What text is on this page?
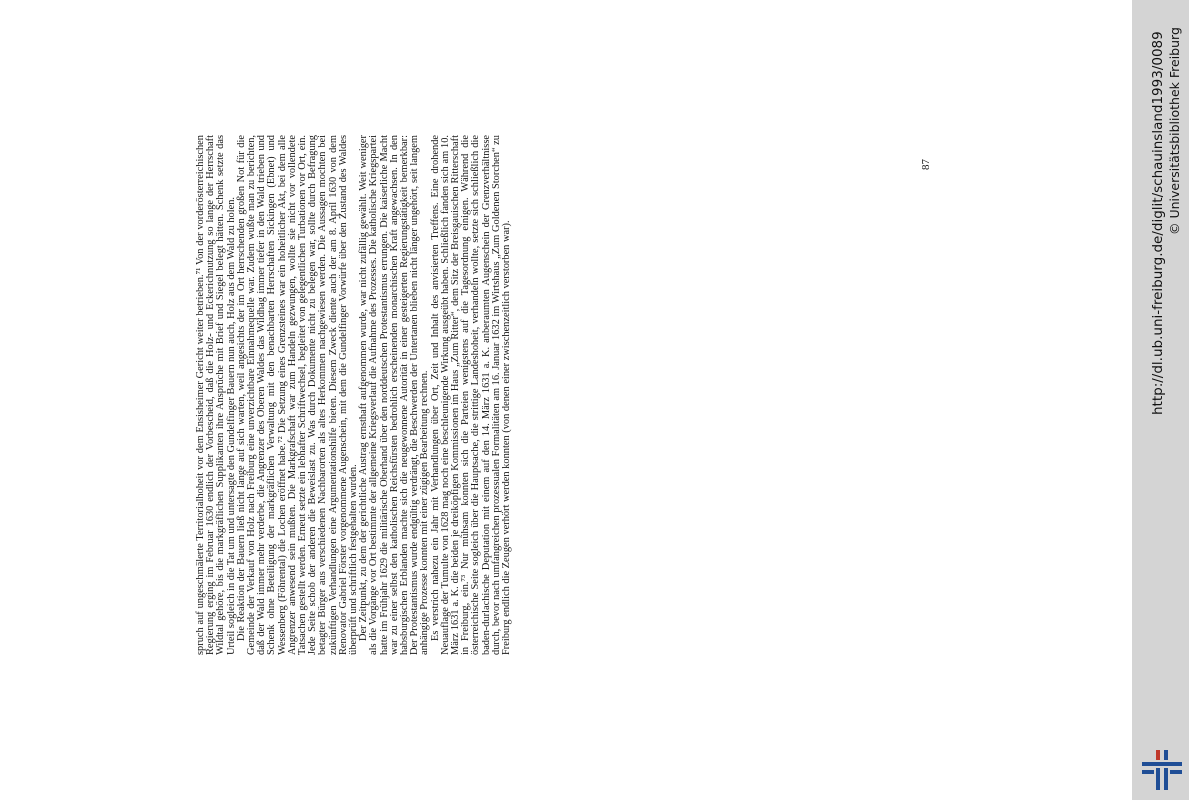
spruch auf ungeschmälerte Territorialhoheit vor dem Ensisheimer Gericht weiter betrieben.⁷¹ Von der vorderösterreichischen Regierung erging im Februar 1630 endlich der Vorbescheid, daß die Holz- und Eckerichnutzung so lange der Herrschaft Wildtal gehöre, bis die markgräflichen Supplikanten ihre Ansprüche mit Brief und Siegel belegt hätten. Schenk setzte das Urteil sogleich in die Tat um und untersagte den Gundelfinger Bauern nun auch, Holz aus dem Wald zu holen. Die Reaktion der Bauern ließ nicht lange auf sich warten, weil angesichts der im Ort herrschenden großen Not für die Gemeinde der Verkauf von Holz nach Freiburg eine unverzichtbare Einnahmequelle war. Zudem wußte man zu berichten, daß der Wald immer mehr verderbe, die Angrenzer des Oberen Waldes das Wildhag immer tiefer in den Wald trieben und Schenk ohne Beteiligung der markgräflichen Verwaltung mit den benachbarten Herrschaften Sickingen (Ebnet) und Wessenberg (Föhrental) die Lochen eröffnet habe.⁷² Die Setzung eines Grenzsteines war ein hoheitlicher Akt, bei dem alle Angrenzer anwesend sein mußten. Die Markgrafschaft war zum Handeln gezwungen, wollte sie nicht vor vollendete Tatsachen gestellt werden. Erneut setzte ein lebhafter Schriftwechsel, begleitet von gelegentlichen Turbationen vor Ort, ein. Jede Seite schob der anderen die Beweislast zu. Was durch Dokumente nicht zu belegen war, sollte durch Befragung betagter Bürger aus verschiedenen Nachbarorten als altes Herkommen nachgewiesen werden. Die Aussagen mochten bei zukünftigen Verhandlungen eine Argumentationshilfe bieten. Diesem Zweck diente auch der am 8. April 1630 von dem Renovator Gabriel Förster vorgenommene Augenschein, mit dem die Gundelfinger Vorwürfe über den Zustand des Waldes überprüft und schriftlich festgehalten wurden. Der Zeitpunkt, zu dem der gerichtliche Austrag ernsthaft aufgenommen wurde, war nicht zufällig gewählt. Weit weniger als die Vorgänge vor Ort bestimmte der allgemeine Kriegsverlauf die Aufnahme des Prozesses. Die katholische Kriegspartei hatte im Frühjahr 1629 die militärische Oberhand über den norddeutschen Protestantismus errungen. Die kaiserliche Macht war zu einer selbst den katholischen Reichsfürsten bedrohlich erscheinenden monarchischen Kraft angewachsen. In den habsburgischen Erblanden machte sich die neugewonnene Autorität in einer gesteigerten Regierungstätigkeit bemerkbar: Der Protestantismus wurde endgültig verdrängt, die Beschwerden der Untertanen blieben nicht länger ungehört, seit langem anhängige Prozesse konnten mit einer zügigen Bearbeitung rechnen. Es verstrich nahezu ein Jahr mit Verhandlungen über Ort, Zeit und Inhalt des anvisierten Treffens. Eine drohende Neuauflage der Tumulte von 1628 mag noch eine beschleunigende Wirkung ausgeübt haben. Schließlich fanden sich am 10. März 1631 a. K. die beiden je dreiköpfigen Kommissionen im Haus „Zum Ritter“, dem Sitz der Breisgauischen Ritterschaft in Freiburg, ein.⁷³ Nur mühsam konnten sich die Parteien wenigstens auf die Tagesordnung einigen. Während die österreichische Seite sogleich über die Hauptsache, die strittige Landeshoheit, verhandeln wollte, setzte sich schließlich die baden-durlachische Deputation mit einem auf den 14. März 1631 a. K. anberaumten Augenschein der Grenzverhältnisse durch, bevor nach umfangreichen prozessualen Formalitäten am 16. Januar 1632 im Wirtshaus „Zum Goldenen Storchen“ zu Freiburg endlich die Zeugen verhört werden konnten (von denen einer zwischenzeitlich verstorben war).

87	http://dl.ub.uni-freiburg.de/diglit/schauinsland1993/0089 © Universitätsbibliothek Freiburg
